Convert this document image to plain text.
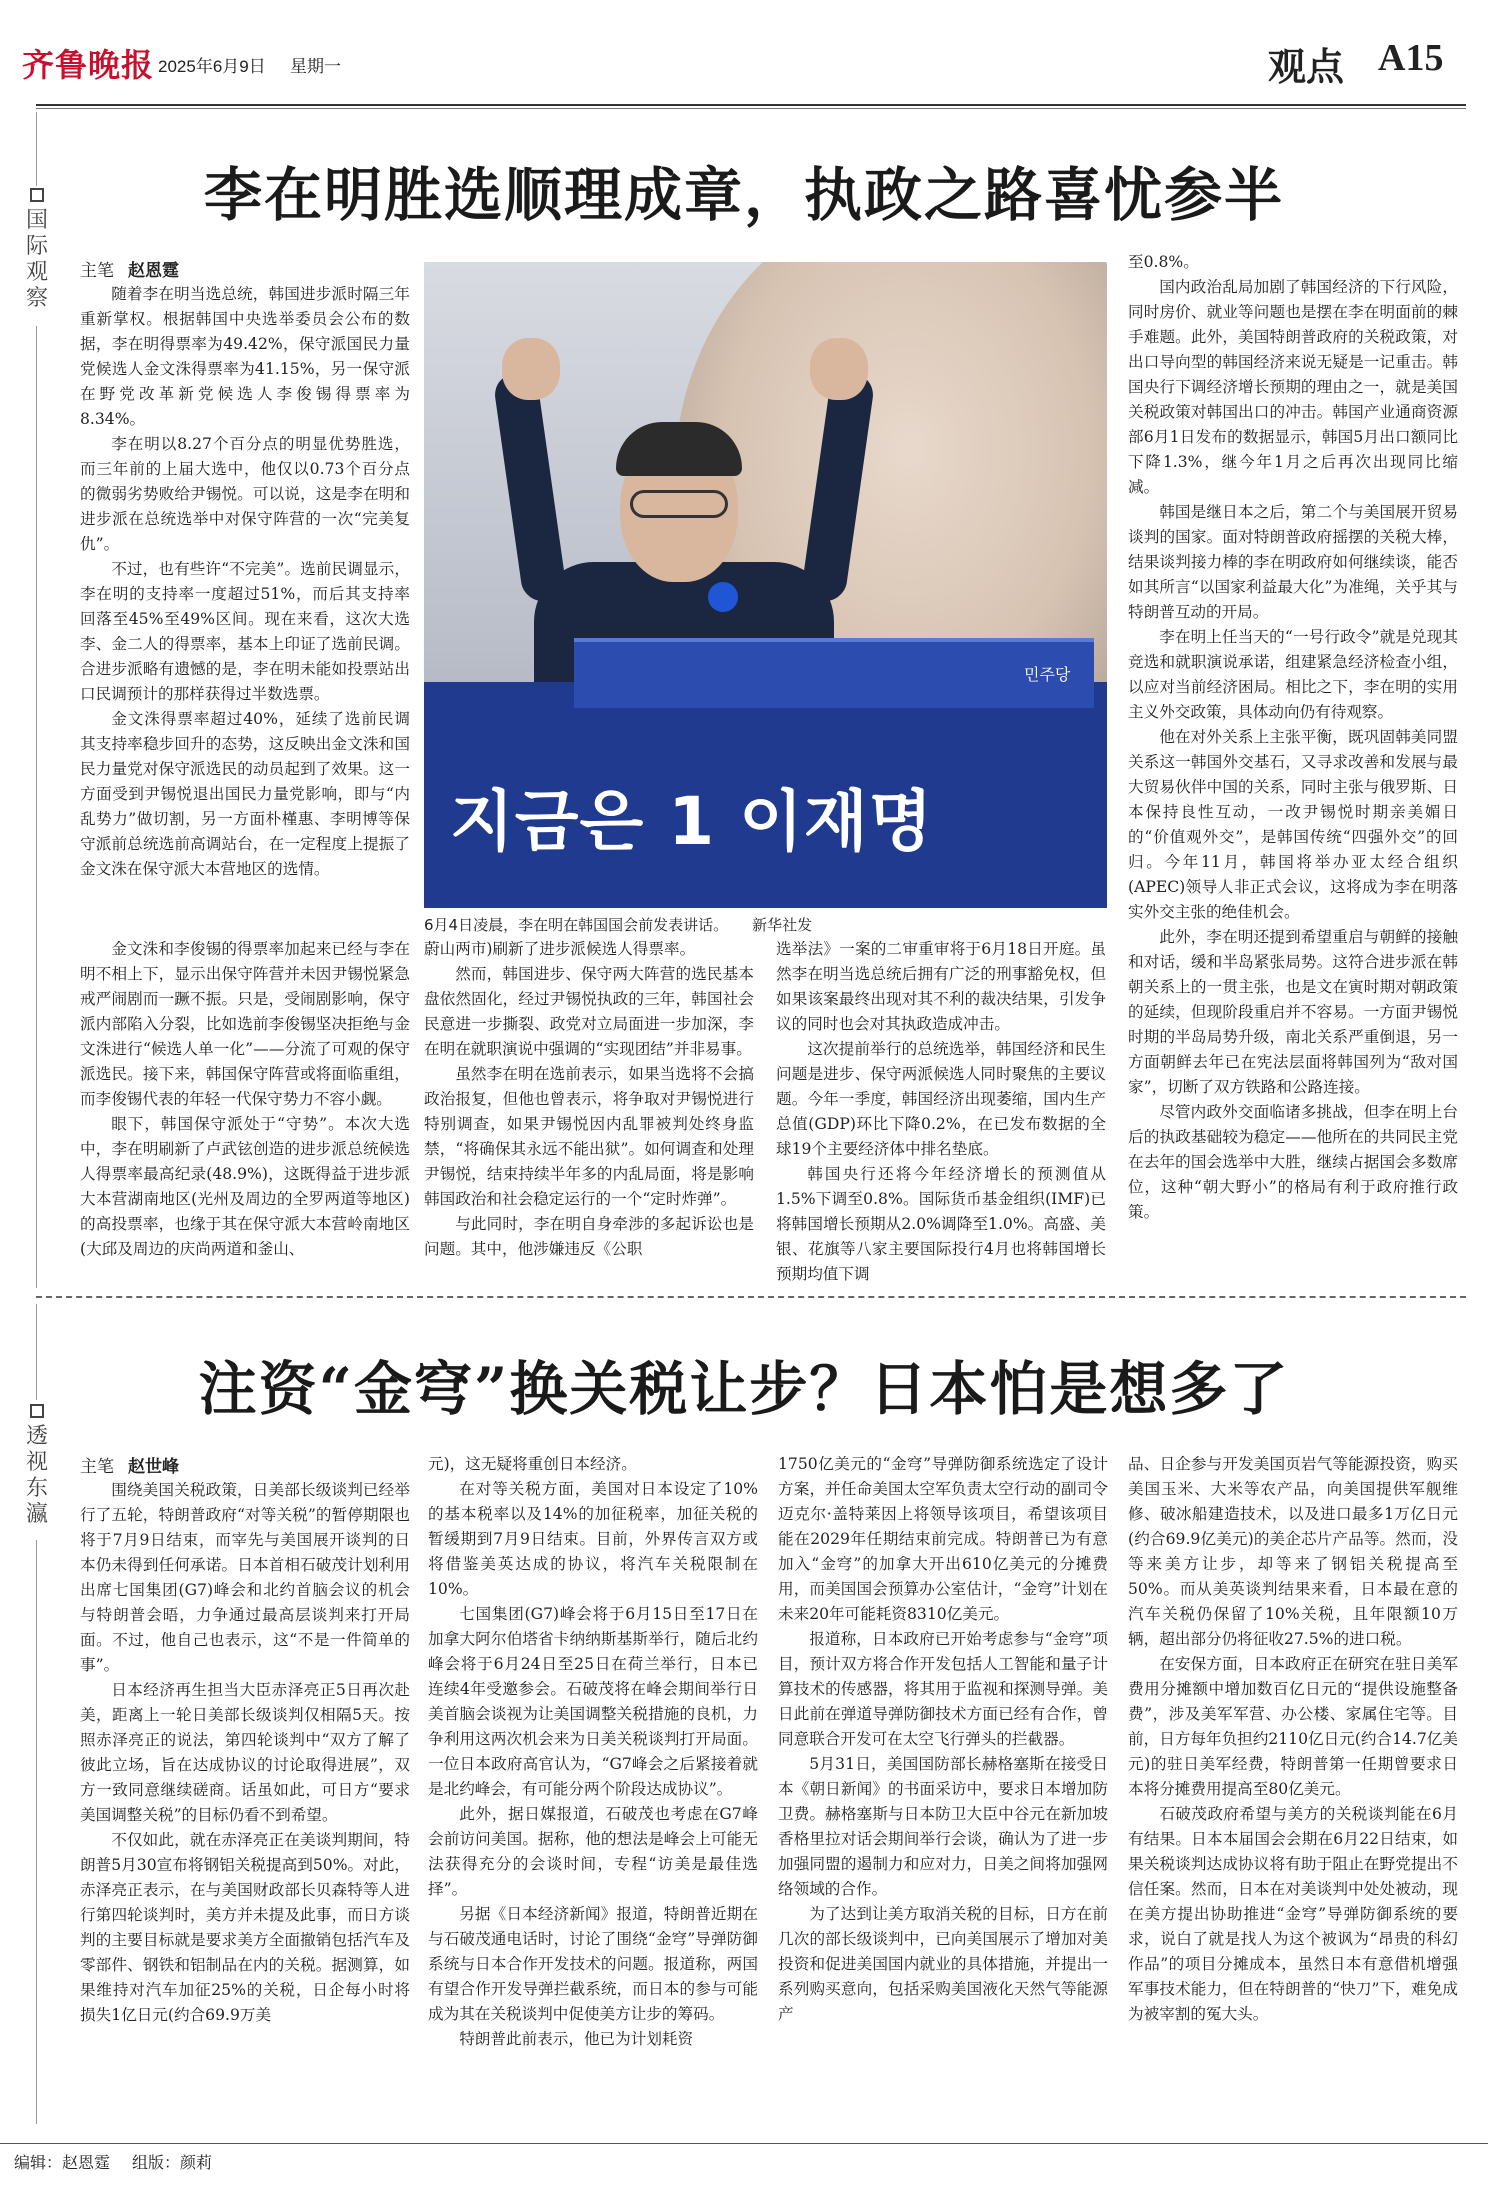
齐鲁晚报 2025年6月9日 星期一	观点 A15
国
际
观
察
李在明胜选顺理成章，执政之路喜忧参半
主笔 赵恩霆

随着李在明当选总统，韩国进步派时隔三年重新掌权。根据韩国中央选举委员会公布的数据，李在明得票率为49.42%，保守派国民力量党候选人金文洙得票率为41.15%，另一保守派在野党改革新党候选人李俊锡得票率为8.34%。

李在明以8.27个百分点的明显优势胜选，而三年前的上届大选中，他仅以0.73个百分点的微弱劣势败给尹锡悦。可以说，这是李在明和进步派在总统选举中对保守阵营的一次“完美复仇”。

不过，也有些许“不完美”。选前民调显示，李在明的支持率一度超过51%，而后其支持率回落至45%至49%区间。现在来看，这次大选李、金二人的得票率，基本上印证了选前民调。合进步派略有遗憾的是，李在明未能如投票站出口民调预计的那样获得过半数选票。

金文洙得票率超过40%，延续了选前民调其支持率稳步回升的态势，这反映出金文洙和国民力量党对保守派选民的动员起到了效果。这一方面受到尹锡悦退出国民力量党影响，即与“内乱势力”做切割，另一方面朴槿惠、李明博等保守派前总统选前高调站台，在一定程度上提振了金文洙在保守派大本营地区的选情。

金文洙和李俊锡的得票率加起来已经与李在明不相上下，显示出保守阵营并未因尹锡悦紧急戒严闹剧而一蹶不振。只是，受闹剧影响，保守派内部陷入分裂，比如选前李俊锡坚决拒绝与金文洙进行“候选人单一化”——分流了可观的保守派选民。接下来，韩国保守阵营或将面临重组，而李俊锡代表的年轻一代保守势力不容小觑。

眼下，韩国保守派处于“守势”。本次大选中，李在明刷新了卢武铉创造的进步派总统候选人得票率最高纪录(48.9%)，这既得益于进步派大本营湖南地区(光州及周边的全罗两道等地区)的高投票率，也缘于其在保守派大本营岭南地区(大邱及周边的庆尚两道和釜山、

蔚山两市)刷新了进步派候选人得票率。

然而，韩国进步、保守两大阵营的选民基本盘依然固化，经过尹锡悦执政的三年，韩国社会民意进一步撕裂、政党对立局面进一步加深，李在明在就职演说中强调的“实现团结”并非易事。

虽然李在明在选前表示，如果当选将不会搞政治报复，但他也曾表示，将争取对尹锡悦进行特别调查，如果尹锡悦因内乱罪被判处终身监禁，“将确保其永远不能出狱”。如何调查和处理尹锡悦，结束持续半年多的内乱局面，将是影响韩国政治和社会稳定运行的一个“定时炸弹”。

与此同时，李在明自身牵涉的多起诉讼也是问题。其中，他涉嫌违反《公职

选举法》一案的二审重审将于6月18日开庭。虽然李在明当选总统后拥有广泛的刑事豁免权，但如果该案最终出现对其不利的裁决结果，引发争议的同时也会对其执政造成冲击。

这次提前举行的总统选举，韩国经济和民生问题是进步、保守两派候选人同时聚焦的主要议题。今年一季度，韩国经济出现萎缩，国内生产总值(GDP)环比下降0.2%，在已发布数据的全球19个主要经济体中排名垫底。

韩国央行还将今年经济增长的预测值从1.5%下调至0.8%。国际货币基金组织(IMF)已将韩国增长预期从2.0%调降至1.0%。高盛、美银、花旗等八家主要国际投行4月也将韩国增长预期均值下调

至0.8%。

国内政治乱局加剧了韩国经济的下行风险，同时房价、就业等问题也是摆在李在明面前的棘手难题。此外，美国特朗普政府的关税政策，对出口导向型的韩国经济来说无疑是一记重击。韩国央行下调经济增长预期的理由之一，就是美国关税政策对韩国出口的冲击。韩国产业通商资源部6月1日发布的数据显示，韩国5月出口额同比下降1.3%，继今年1月之后再次出现同比缩减。

韩国是继日本之后，第二个与美国展开贸易谈判的国家。面对特朗普政府摇摆的关税大棒，结果谈判接力棒的李在明政府如何继续谈，能否如其所言“以国家利益最大化”为准绳，关乎其与特朗普互动的开局。

李在明上任当天的“一号行政令”就是兑现其竞选和就职演说承诺，组建紧急经济检查小组，以应对当前经济困局。相比之下，李在明的实用主义外交政策，具体动向仍有待观察。

他在对外关系上主张平衡，既巩固韩美同盟关系这一韩国外交基石，又寻求改善和发展与最大贸易伙伴中国的关系，同时主张与俄罗斯、日本保持良性互动，一改尹锡悦时期亲美媚日的“价值观外交”，是韩国传统“四强外交”的回归。今年11月，韩国将举办亚太经合组织(APEC)领导人非正式会议，这将成为李在明落实外交主张的绝佳机会。

此外，李在明还提到希望重启与朝鲜的接触和对话，缓和半岛紧张局势。这符合进步派在韩朝关系上的一贯主张，也是文在寅时期对朝政策的延续，但现阶段重启并不容易。一方面尹锡悦时期的半岛局势升级，南北关系严重倒退，另一方面朝鲜去年已在宪法层面将韩国列为“敌对国家”，切断了双方铁路和公路连接。

尽管内政外交面临诸多挑战，但李在明上台后的执政基础较为稳定——他所在的共同民主党在去年的国会选举中大胜，继续占据国会多数席位，这种“朝大野小”的格局有利于政府推行政策。

민주당
지금은 1 이재명
6月4日凌晨，李在明在韩国国会前发表讲话。 新华社发
透
视
东
瀛
注资“金穹”换关税让步？日本怕是想多了
主笔 赵世峰

围绕美国关税政策，日美部长级谈判已经举行了五轮，特朗普政府“对等关税”的暂停期限也将于7月9日结束，而宰先与美国展开谈判的日本仍未得到任何承诺。日本首相石破茂计划利用出席七国集团(G7)峰会和北约首脑会议的机会与特朗普会晤，力争通过最高层谈判来打开局面。不过，他自己也表示，这“不是一件简单的事”。

日本经济再生担当大臣赤泽亮正5日再次赴美，距离上一轮日美部长级谈判仅相隔5天。按照赤泽亮正的说法，第四轮谈判中“双方了解了彼此立场，旨在达成协议的讨论取得进展”，双方一致同意继续磋商。话虽如此，可日方“要求美国调整关税”的目标仍看不到希望。

不仅如此，就在赤泽亮正在美谈判期间，特朗普5月30宣布将钢铝关税提高到50%。对此，赤泽亮正表示，在与美国财政部长贝森特等人进行第四轮谈判时，美方并未提及此事，而日方谈判的主要目标就是要求美方全面撤销包括汽车及零部件、钢铁和铝制品在内的关税。据测算，如果维持对汽车加征25%的关税，日企每小时将损失1亿日元(约合69.9万美

元)，这无疑将重创日本经济。

在对等关税方面，美国对日本设定了10%的基本税率以及14%的加征税率，加征关税的暂缓期到7月9日结束。目前，外界传言双方或将借鉴美英达成的协议，将汽车关税限制在10%。

七国集团(G7)峰会将于6月15日至17日在加拿大阿尔伯塔省卡纳纳斯基斯举行，随后北约峰会将于6月24日至25日在荷兰举行，日本已连续4年受邀参会。石破茂将在峰会期间举行日美首脑会谈视为让美国调整关税措施的良机，力争利用这两次机会来为日美关税谈判打开局面。一位日本政府高官认为，“G7峰会之后紧接着就是北约峰会，有可能分两个阶段达成协议”。

此外，据日媒报道，石破茂也考虑在G7峰会前访问美国。据称，他的想法是峰会上可能无法获得充分的会谈时间，专程“访美是最佳选择”。

另据《日本经济新闻》报道，特朗普近期在与石破茂通电话时，讨论了围绕“金穹”导弹防御系统与日本合作开发技术的问题。报道称，两国有望合作开发导弹拦截系统，而日本的参与可能成为其在关税谈判中促使美方让步的筹码。

特朗普此前表示，他已为计划耗资

1750亿美元的“金穹”导弹防御系统选定了设计方案，并任命美国太空军负责太空行动的副司令迈克尔·盖特莱因上将领导该项目，希望该项目能在2029年任期结束前完成。特朗普已为有意加入“金穹”的加拿大开出610亿美元的分摊费用，而美国国会预算办公室估计，“金穹”计划在未来20年可能耗资8310亿美元。

报道称，日本政府已开始考虑参与“金穹”项目，预计双方将合作开发包括人工智能和量子计算技术的传感器，将其用于监视和探测导弹。美日此前在弹道导弹防御技术方面已经有合作，曾同意联合开发可在太空飞行弹头的拦截器。

5月31日，美国国防部长赫格塞斯在接受日本《朝日新闻》的书面采访中，要求日本增加防卫费。赫格塞斯与日本防卫大臣中谷元在新加坡香格里拉对话会期间举行会谈，确认为了进一步加强同盟的遏制力和应对力，日美之间将加强网络领域的合作。

为了达到让美方取消关税的目标，日方在前几次的部长级谈判中，已向美国展示了增加对美投资和促进美国国内就业的具体措施，并提出一系列购买意向，包括采购美国液化天然气等能源产

品、日企参与开发美国页岩气等能源投资，购买美国玉米、大米等农产品，向美国提供军舰维修、破冰船建造技术，以及进口最多1万亿日元(约合69.9亿美元)的美企芯片产品等。然而，没等来美方让步，却等来了钢铝关税提高至50%。而从美英谈判结果来看，日本最在意的汽车关税仍保留了10%关税，且年限额10万辆，超出部分仍将征收27.5%的进口税。

在安保方面，日本政府正在研究在驻日美军费用分摊额中增加数百亿日元的“提供设施整备费”，涉及美军军营、办公楼、家属住宅等。目前，日方每年负担约2110亿日元(约合14.7亿美元)的驻日美军经费，特朗普第一任期曾要求日本将分摊费用提高至80亿美元。

石破茂政府希望与美方的关税谈判能在6月有结果。日本本届国会会期在6月22日结束，如果关税谈判达成协议将有助于阻止在野党提出不信任案。然而，日本在对美谈判中处处被动，现在美方提出协助推进“金穹”导弹防御系统的要求，说白了就是找人为这个被讽为“昂贵的科幻作品”的项目分摊成本，虽然日本有意借机增强军事技术能力，但在特朗普的“快刀”下，难免成为被宰割的冤大头。

编辑：赵恩霆 组版：颜莉
